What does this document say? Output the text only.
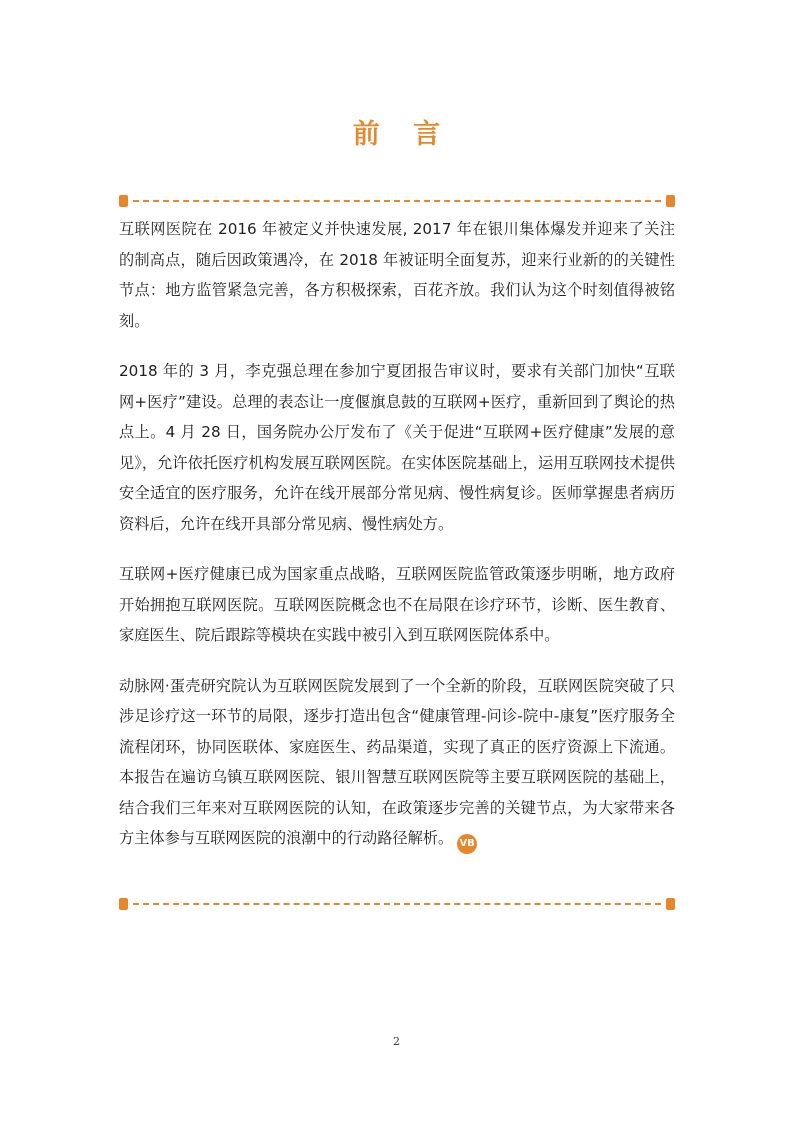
前 言

互联网医院在 2016 年被定义并快速发展, 2017 年在银川集体爆发并迎来了关注的制高点，随后因政策遇冷，在 2018 年被证明全面复苏，迎来行业新的的关键性节点：地方监管紧急完善，各方积极探索，百花齐放。我们认为这个时刻值得被铭刻。

2018 年的 3 月，李克强总理在参加宁夏团报告审议时，要求有关部门加快“互联网+医疗”建设。总理的表态让一度偃旗息鼓的互联网+医疗，重新回到了舆论的热点上。4 月 28 日，国务院办公厅发布了《关于促进“互联网+医疗健康”发展的意见》，允许依托医疗机构发展互联网医院。在实体医院基础上，运用互联网技术提供安全适宜的医疗服务，允许在线开展部分常见病、慢性病复诊。医师掌握患者病历资料后，允许在线开具部分常见病、慢性病处方。

互联网+医疗健康已成为国家重点战略，互联网医院监管政策逐步明晰，地方政府开始拥抱互联网医院。互联网医院概念也不在局限在诊疗环节，诊断、医生教育、家庭医生、院后跟踪等模块在实践中被引入到互联网医院体系中。

动脉网·蛋壳研究院认为互联网医院发展到了一个全新的阶段，互联网医院突破了只涉足诊疗这一环节的局限，逐步打造出包含“健康管理-问诊-院中-康复”医疗服务全流程闭环，协同医联体、家庭医生、药品渠道，实现了真正的医疗资源上下流通。本报告在遍访乌镇互联网医院、银川智慧互联网医院等主要互联网医院的基础上，结合我们三年来对互联网医院的认知，在政策逐步完善的关键节点，为大家带来各方主体参与互联网医院的浪潮中的行动路径解析。 VB

2
